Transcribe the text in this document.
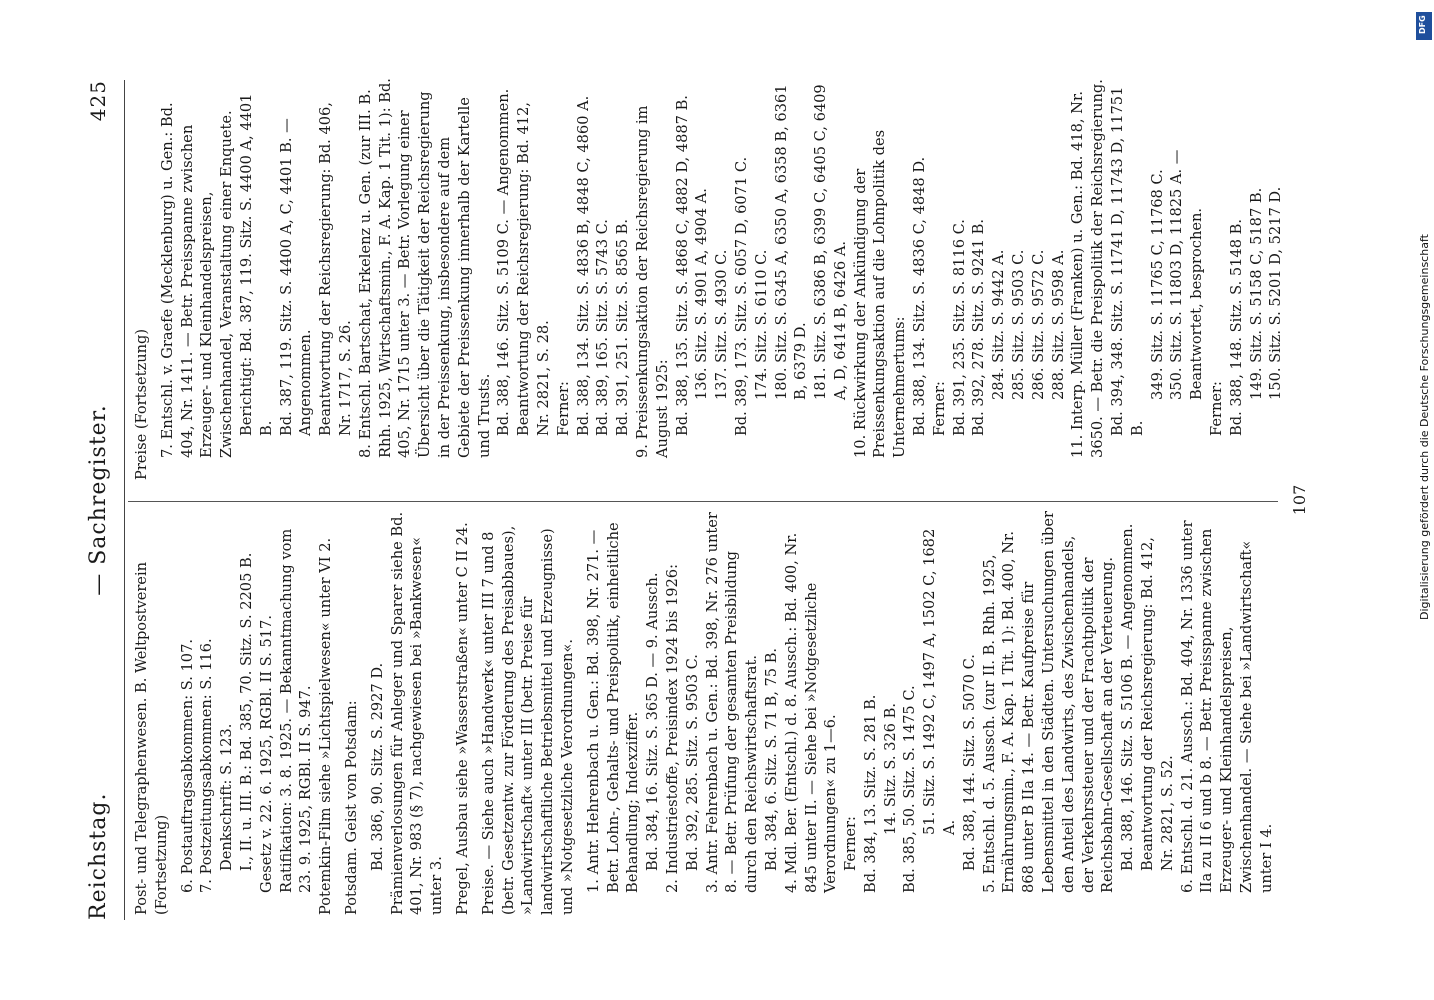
Reichstag.
— Sachregister.
425
Post- und Telegraphenwesen. B. Weltpostverein (Fortsetzung) 6. Postauftragsabkommen: S. 107. 7. Postzeitungsabkommen: S. 116. Denkschrift: S. 123. I., II. u. III. B.: Bd. 385, 70. Sitz. S. 2205 B. Gesetz v. 22. 6. 1925, RGBl. II S. 517. Ratifikation: 3. 8. 1925. — Bekanntmachung vom 23. 9. 1925, RGBl. II S. 947. Potemkin-Film siehe »Lichtspielwesen« unter VI 2. Potsdam. Geist von Potsdam: Bd. 386, 90. Sitz. S. 2927 D. Prämienverlosungen für Anleger und Sparer siehe Bd. 401, Nr. 983 (§ 7), nachgewiesen bei »Bankwesen« unter 3. Pregel, Ausbau siehe »Wasserstraßen« unter C II 24. Preise. — Siehe auch »Handwerk« unter III 7 und 8 (betr. Gesetzentw. zur Förderung des Preisabbaues), »Landwirtschaft« unter III (betr. Preise für landwirtschaftliche Betriebsmittel und Erzeugnisse) und »Notgesetzliche Verordnungen«. 1. Antr. Hehrenbach u. Gen.: Bd. 398, Nr. 271. — Betr. Lohn-, Gehalts- und Preispolitik, einheitliche Behandlung; Indexziffer. Bd. 384, 16. Sitz. S. 365 D. — 9. Aussch. 2. Industriestoffe, Preisindex 1924 bis 1926: Bd. 392, 285. Sitz. S. 9503 C. 3. Antr. Fehrenbach u. Gen.: Bd. 398, Nr. 276 unter 8. — Betr. Prüfung der gesamten Preisbildung durch den Reichswirtschaftsrat. Bd. 384, 6. Sitz. S. 71 B, 75 B. 4. Mdl. Ber. (Entschl.) d. 8. Aussch.: Bd. 400, Nr. 845 unter II. — Siehe bei »Notgesetzliche Verordnungen« zu 1—6. Ferner: Bd. 384, 13. Sitz. S. 281 B. 14. Sitz. S. 326 B. Bd. 385, 50. Sitz. S. 1475 C. 51. Sitz. S. 1492 C, 1497 A, 1502 C, 1682 A. Bd. 388, 144. Sitz. S. 5070 C. 5. Entschl. d. 5. Aussch. (zur II. B. Rhh. 1925, Ernährungsmin., F. A. Kap. 1 Tit. 1): Bd. 400, Nr. 868 unter B IIa 14. — Betr. Kaufpreise für Lebensmittel in den Städten. Untersuchungen über den Anteil des Landwirts, des Zwischenhandels, der Verkehrssteuer und der Frachtpolitik der Reichsbahn-Gesellschaft an der Verteuerung. Bd. 388, 146. Sitz. S. 5106 B. — Angenommen. Beantwortung der Reichsregierung: Bd. 412, Nr. 2821, S. 52. 6. Entschl. d. 21. Aussch.: Bd. 404, Nr. 1336 unter IIa zu II 6 und b 8. — Betr. Preisspanne zwischen Erzeuger- und Kleinhandelspreisen, Zwischenhandel. — Siehe bei »Landwirtschaft« unter I 4.
Preise (Fortsetzung) 7. Entschl. v. Graefe (Mecklenburg) u. Gen.: Bd. 404, Nr. 1411. — Betr. Preisspanne zwischen Erzeuger- und Kleinhandelspreisen, Zwischenhandel, Veranstaltung einer Enquete. Berichtigt: Bd. 387, 119. Sitz. S. 4400 A, 4401 B. Bd. 387, 119. Sitz. S. 4400 A, C, 4401 B. — Angenommen. Beantwortung der Reichsregierung: Bd. 406, Nr. 1717, S. 26. 8. Entschl. Bartschat, Erkelenz u. Gen. (zur III. B. Rhh. 1925, Wirtschaftsmin., F. A. Kap. 1 Tit. 1): Bd. 405, Nr. 1715 unter 3. — Betr. Vorlegung einer Übersicht über die Tätigkeit der Reichsregierung in der Preissenkung, insbesondere auf dem Gebiete der Preissenkung innerhalb der Kartelle und Trusts. Bd. 388, 146. Sitz. S. 5109 C. — Angenommen. Beantwortung der Reichsregierung: Bd. 412, Nr. 2821, S. 28. Ferner: Bd. 388, 134. Sitz. S. 4836 B, 4848 C, 4860 A. Bd. 389, 165. Sitz. S. 5743 C. Bd. 391, 251. Sitz. S. 8565 B. 9. Preissenkungsaktion der Reichsregierung im August 1925: Bd. 388, 135. Sitz. S. 4868 C, 4882 D, 4887 B. 136. Sitz. S. 4901 A, 4904 A. 137. Sitz. S. 4930 C. Bd. 389, 173. Sitz. S. 6057 D, 6071 C. 174. Sitz. S. 6110 C. 180. Sitz. S. 6345 A, 6350 A, 6358 B, 6361 B, 6379 D. 181. Sitz. S. 6386 B, 6399 C, 6405 C, 6409 A, D, 6414 B, 6426 A. 10. Rückwirkung der Ankündigung der Preissenkungsaktion auf die Lohnpolitik des Unternehmertums: Bd. 388, 134. Sitz. S. 4836 C, 4848 D. Ferner: Bd. 391, 235. Sitz. S. 8116 C. Bd. 392, 278. Sitz. S. 9241 B. 284. Sitz. S. 9442 A. 285. Sitz. S. 9503 C. 286. Sitz. S. 9572 C. 288. Sitz. S. 9598 A. 11. Interp. Müller (Franken) u. Gen.: Bd. 418, Nr. 3650. — Betr. die Preispolitik der Reichsregierung. Bd. 394, 348. Sitz. S. 11741 D, 11743 D, 11751 B.
349. Sitz. S. 11765 C, 11768 C. 350. Sitz. S. 11803 D, 11825 A. — Beantwortet, besprochen.
Ferner: Bd. 388, 148. Sitz. S. 5148 B. 149. Sitz. S. 5158 C, 5187 B. 150. Sitz. S. 5201 D, 5217 D.
107
DFG
Digitalisierung gefördert durch die Deutsche Forschungsgemeinschaft
